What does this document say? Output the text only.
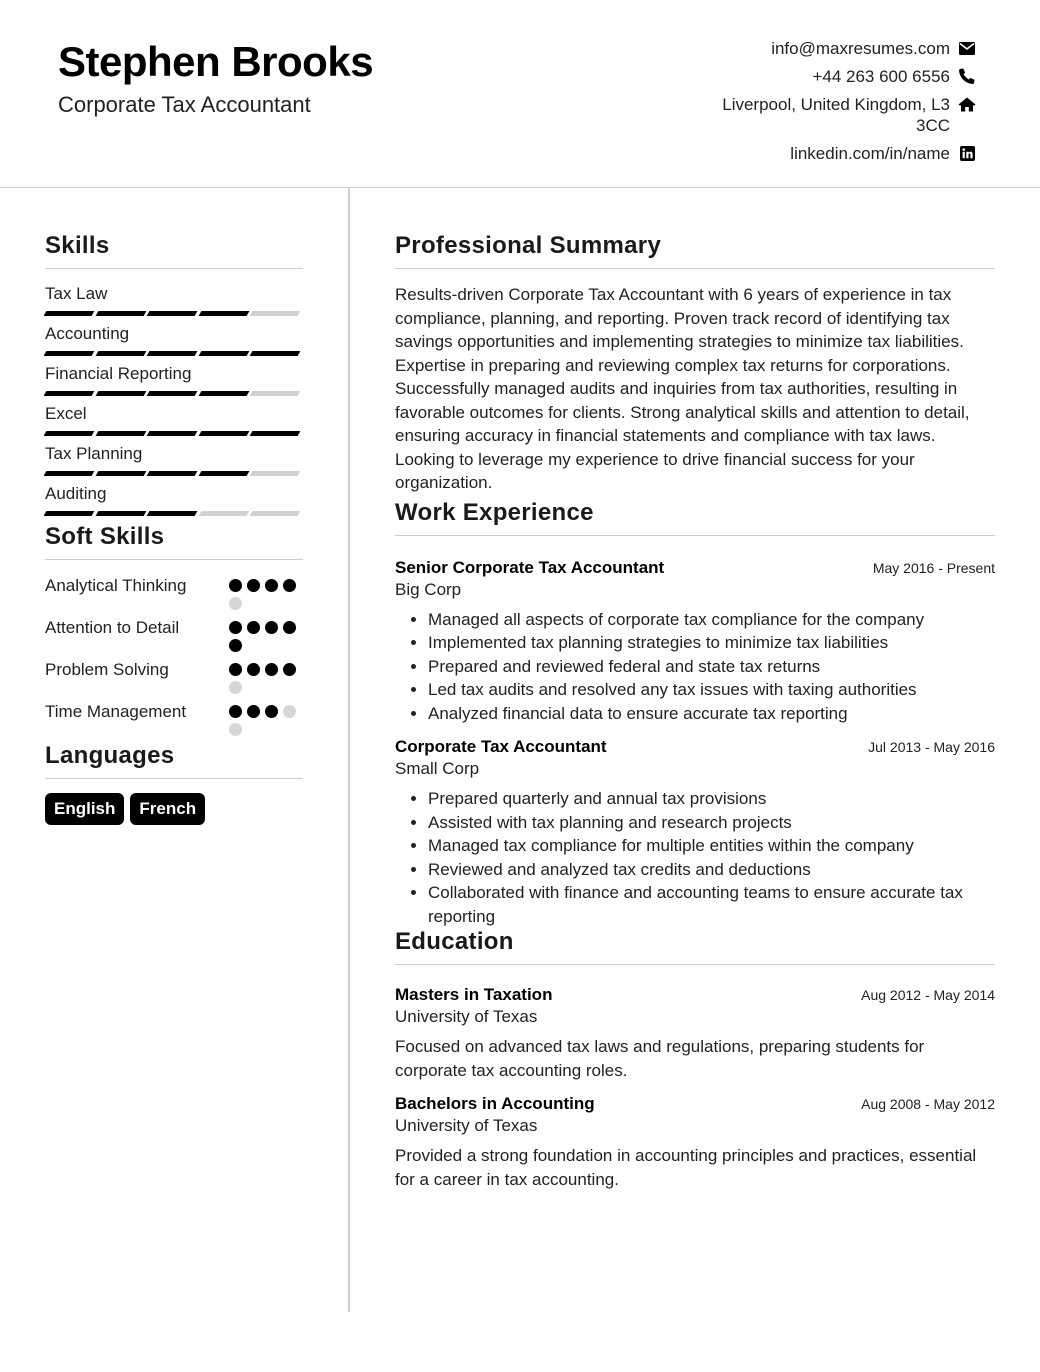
Stephen Brooks
Corporate Tax Accountant
info@maxresumes.com
+44 263 600 6556
Liverpool, United Kingdom, L3 3CC
linkedin.com/in/name
Skills
Tax Law
Accounting
Financial Reporting
Excel
Tax Planning
Auditing
Soft Skills
Analytical Thinking
Attention to Detail
Problem Solving
Time Management
Languages
English	French
Professional Summary

Results-driven Corporate Tax Accountant with 6 years of experience in tax compliance, planning, and reporting. Proven track record of identifying tax savings opportunities and implementing strategies to minimize tax liabilities. Expertise in preparing and reviewing complex tax returns for corporations. Successfully managed audits and inquiries from tax authorities, resulting in favorable outcomes for clients. Strong analytical skills and attention to detail, ensuring accuracy in financial statements and compliance with tax laws. Looking to leverage my experience to drive financial success for your organization.

Work Experience
Senior Corporate Tax Accountant	May 2016 - Present
Big Corp
• Managed all aspects of corporate tax compliance for the company
• Implemented tax planning strategies to minimize tax liabilities
• Prepared and reviewed federal and state tax returns
• Led tax audits and resolved any tax issues with taxing authorities
• Analyzed financial data to ensure accurate tax reporting
Corporate Tax Accountant	Jul 2013 - May 2016
Small Corp
• Prepared quarterly and annual tax provisions
• Assisted with tax planning and research projects
• Managed tax compliance for multiple entities within the company
• Reviewed and analyzed tax credits and deductions
• Collaborated with finance and accounting teams to ensure accurate tax reporting
Education
Masters in Taxation	Aug 2012 - May 2014
University of Texas
Focused on advanced tax laws and regulations, preparing students for corporate tax accounting roles.
Bachelors in Accounting	Aug 2008 - May 2012
University of Texas
Provided a strong foundation in accounting principles and practices, essential for a career in tax accounting.
